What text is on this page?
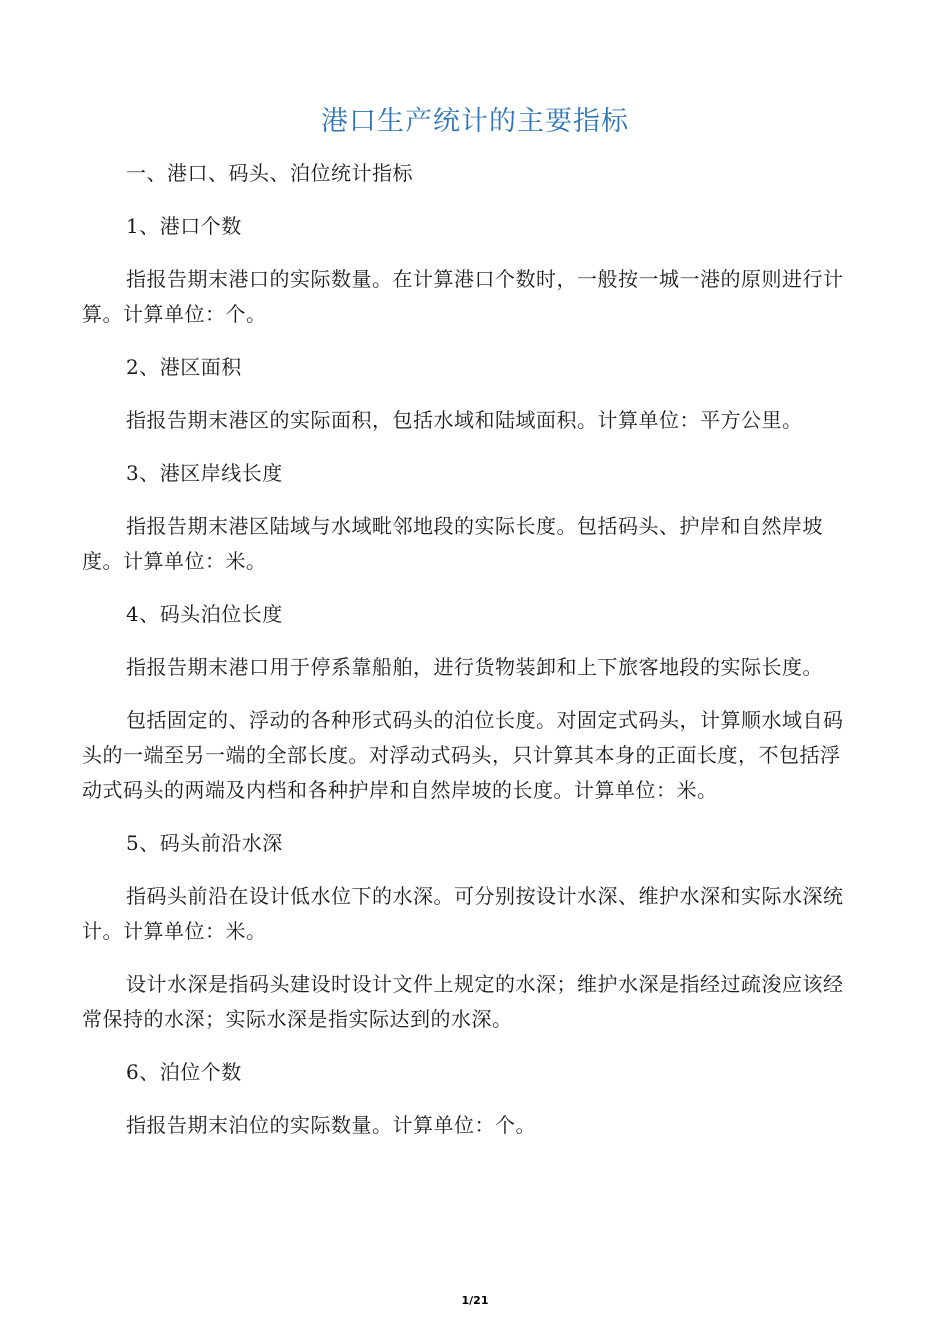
港口生产统计的主要指标

一、港口、码头、泊位统计指标

1、港口个数

指报告期末港口的实际数量。在计算港口个数时，一般按一城一港的原则进行计算。计算单位：个。

2、港区面积

指报告期末港区的实际面积，包括水域和陆域面积。计算单位：平方公里。

3、港区岸线长度

指报告期末港区陆域与水域毗邻地段的实际长度。包括码头、护岸和自然岸坡度。计算单位：米。

4、码头泊位长度

指报告期末港口用于停系靠船舶，进行货物装卸和上下旅客地段的实际长度。

包括固定的、浮动的各种形式码头的泊位长度。对固定式码头，计算顺水域自码头的一端至另一端的全部长度。对浮动式码头，只计算其本身的正面长度，不包括浮动式码头的两端及内档和各种护岸和自然岸坡的长度。计算单位：米。

5、码头前沿水深

指码头前沿在设计低水位下的水深。可分别按设计水深、维护水深和实际水深统计。计算单位：米。

设计水深是指码头建设时设计文件上规定的水深；维护水深是指经过疏浚应该经常保持的水深；实际水深是指实际达到的水深。

6、泊位个数

指报告期末泊位的实际数量。计算单位：个。

1/21
